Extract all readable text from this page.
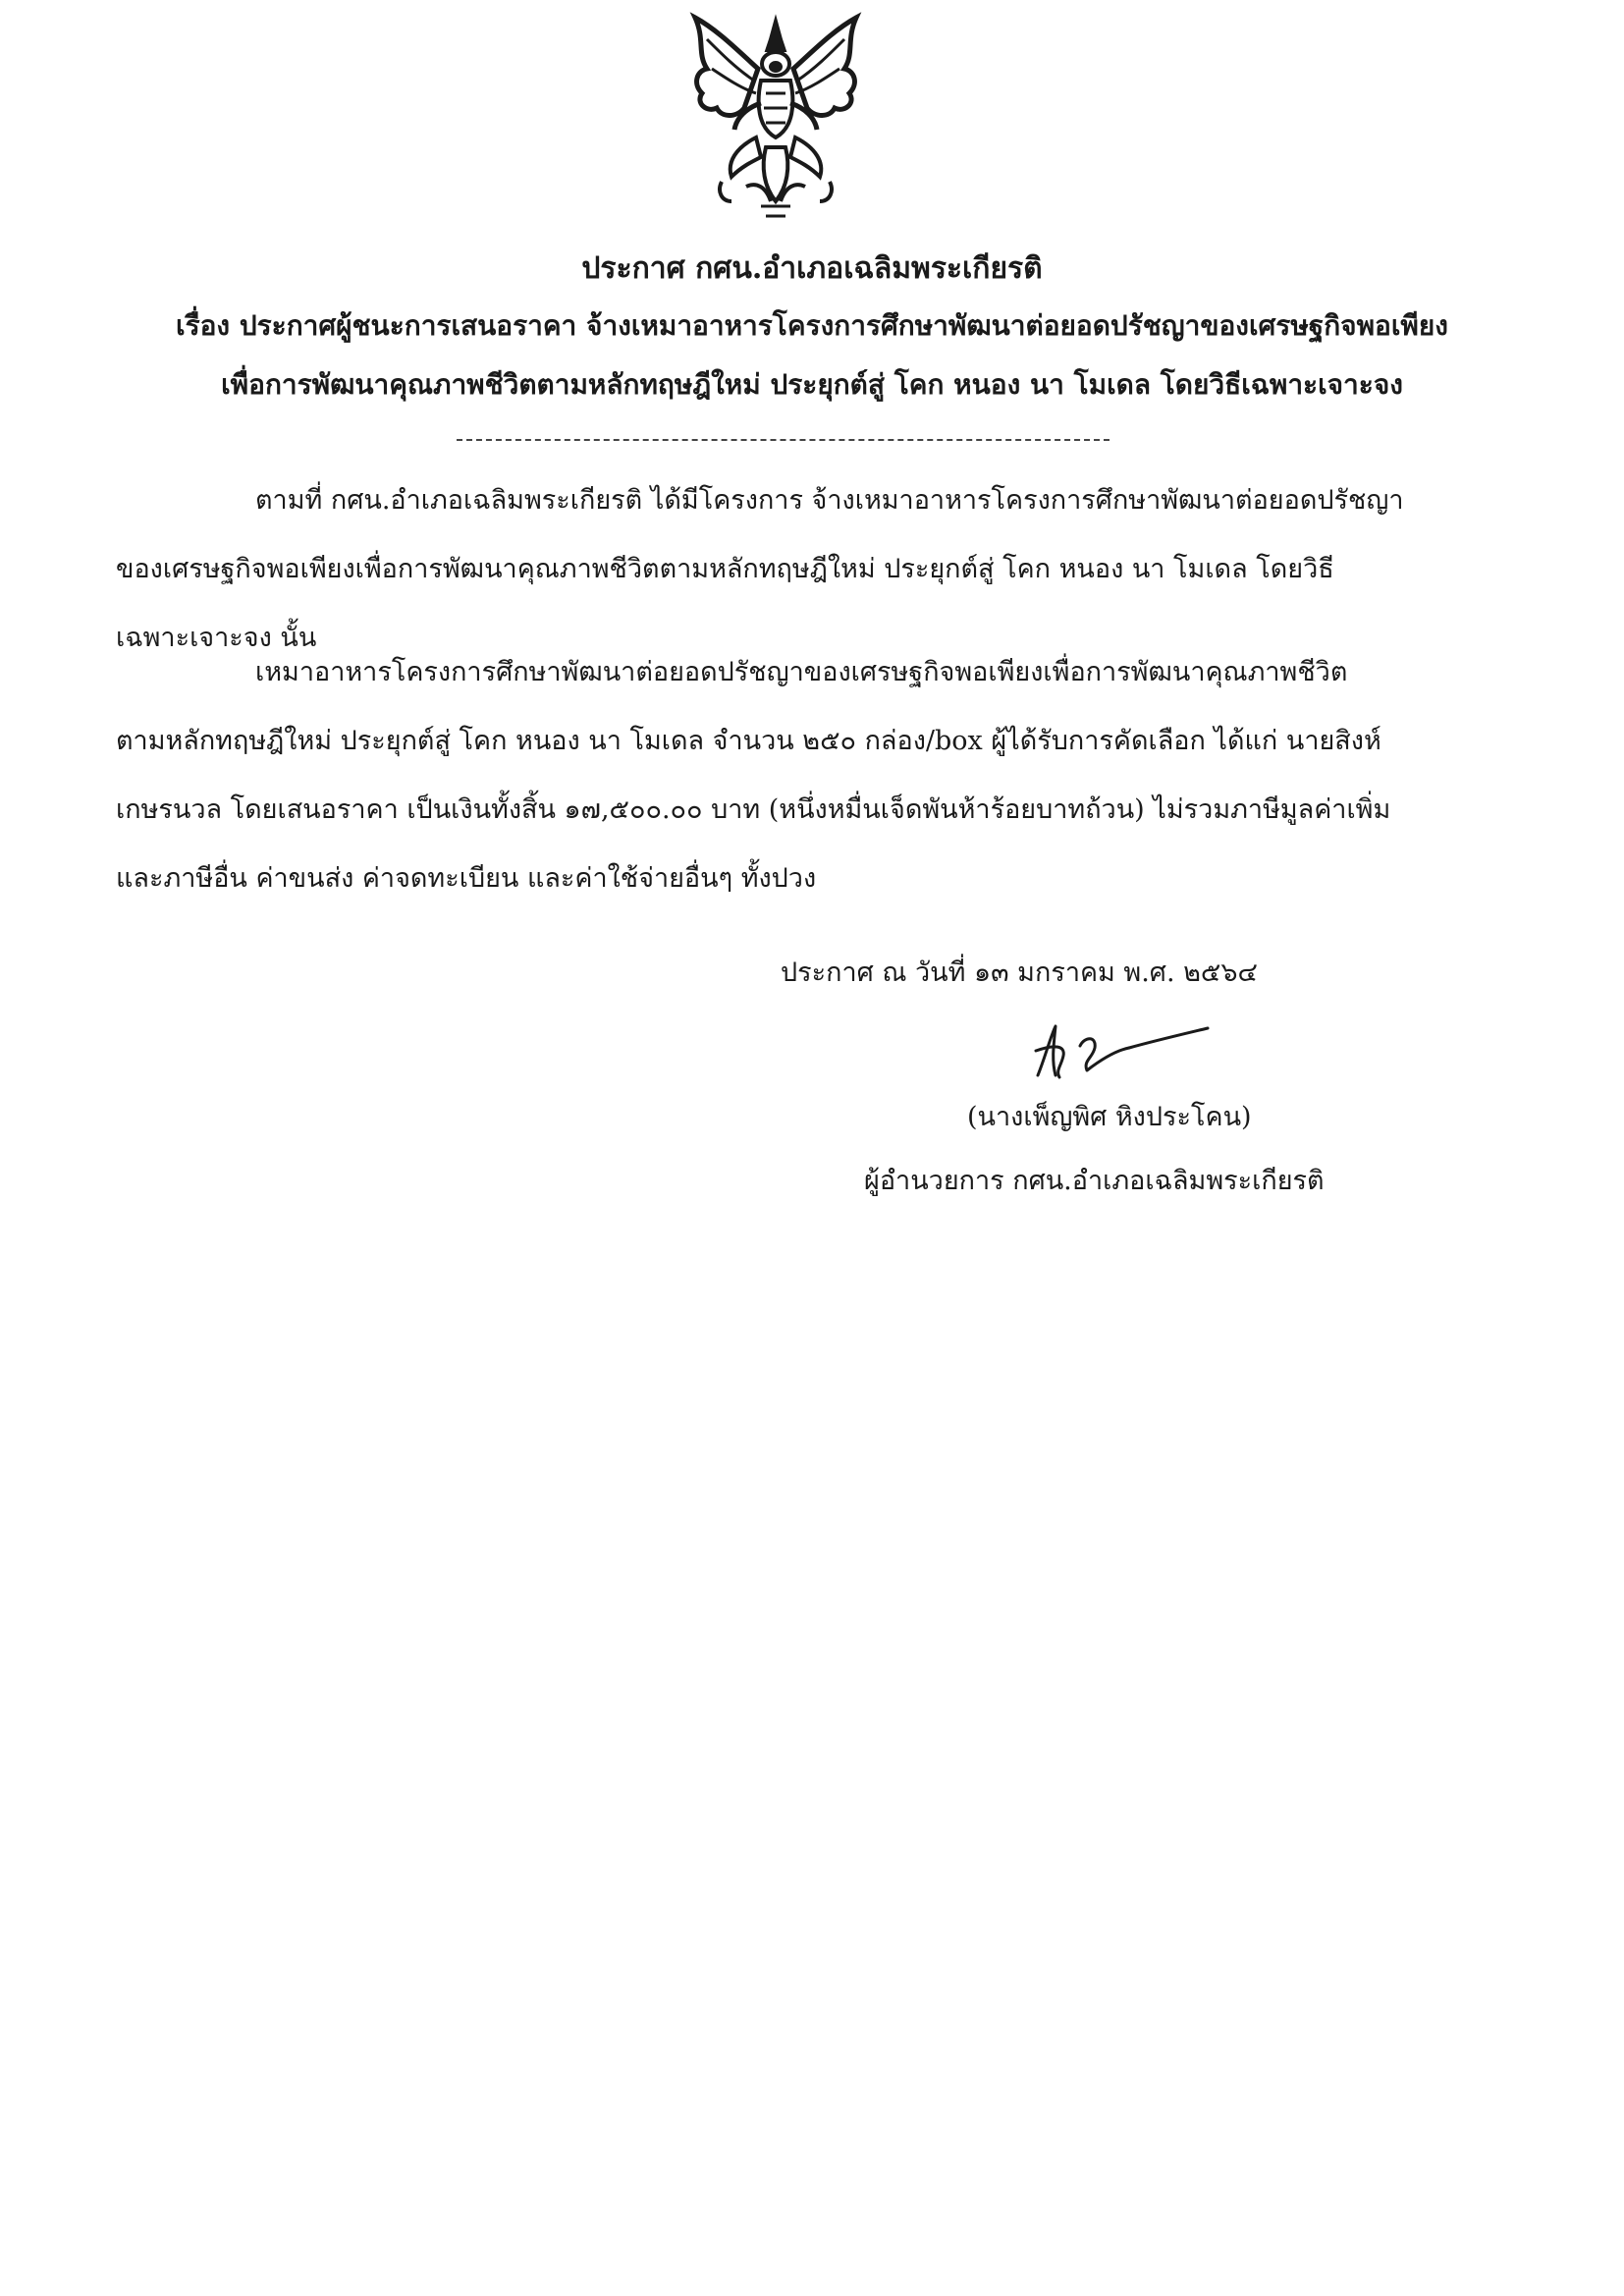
ประกาศ กศน.อำเภอเฉลิมพระเกียรติ
เรื่อง ประกาศผู้ชนะการเสนอราคา จ้างเหมาอาหารโครงการศึกษาพัฒนาต่อยอดปรัชญาของเศรษฐกิจพอเพียง
เพื่อการพัฒนาคุณภาพชีวิตตามหลักทฤษฎีใหม่ ประยุกต์สู่ โคก หนอง นา โมเดล โดยวิธีเฉพาะเจาะจง
ตามที่ กศน.อำเภอเฉลิมพระเกียรติ ได้มีโครงการ จ้างเหมาอาหารโครงการศึกษาพัฒนาต่อยอดปรัชญา
ของเศรษฐกิจพอเพียงเพื่อการพัฒนาคุณภาพชีวิตตามหลักทฤษฎีใหม่ ประยุกต์สู่ โคก หนอง นา โมเดล โดยวิธี
เฉพาะเจาะจง นั้น
เหมาอาหารโครงการศึกษาพัฒนาต่อยอดปรัชญาของเศรษฐกิจพอเพียงเพื่อการพัฒนาคุณภาพชีวิต
ตามหลักทฤษฎีใหม่ ประยุกต์สู่ โคก หนอง นา โมเดล จำนวน ๒๕๐ กล่อง/box ผู้ได้รับการคัดเลือก ได้แก่ นายสิงห์
เกษรนวล โดยเสนอราคา เป็นเงินทั้งสิ้น ๑๗,๕๐๐.๐๐ บาท (หนึ่งหมื่นเจ็ดพันห้าร้อยบาทถ้วน) ไม่รวมภาษีมูลค่าเพิ่ม
และภาษีอื่น ค่าขนส่ง ค่าจดทะเบียน และค่าใช้จ่ายอื่นๆ ทั้งปวง
ประกาศ ณ วันที่ ๑๓ มกราคม พ.ศ. ๒๕๖๔
(นางเพ็ญพิศ หิงประโคน)
ผู้อำนวยการ กศน.อำเภอเฉลิมพระเกียรติ
